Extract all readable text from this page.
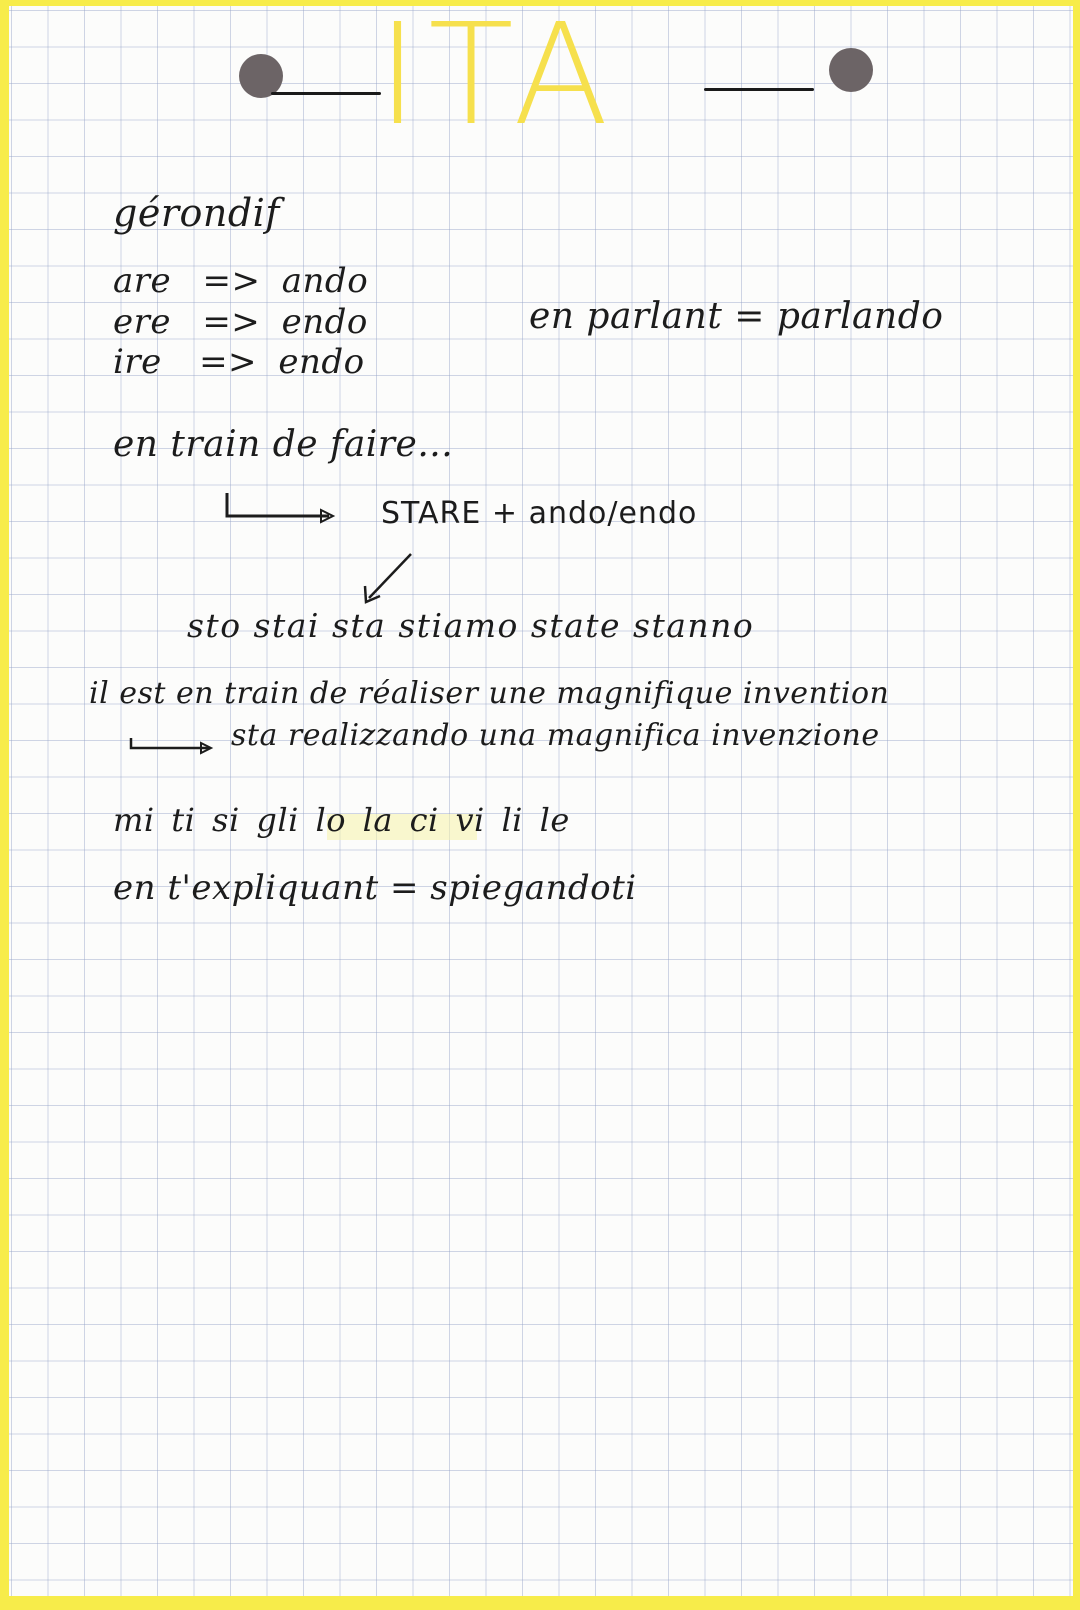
ITA
gérondif
are => ando
ere => endo
ire => endo
en parlant = parlando
en train de faire...
STARE + ando/endo
sto stai sta stiamo state stanno
il est en train de réaliser une magnifique invention
sta realizzando una magnifica invenzione
mi ti si gli lo la ci vi li le
en t'expliquant = spiegandoti
